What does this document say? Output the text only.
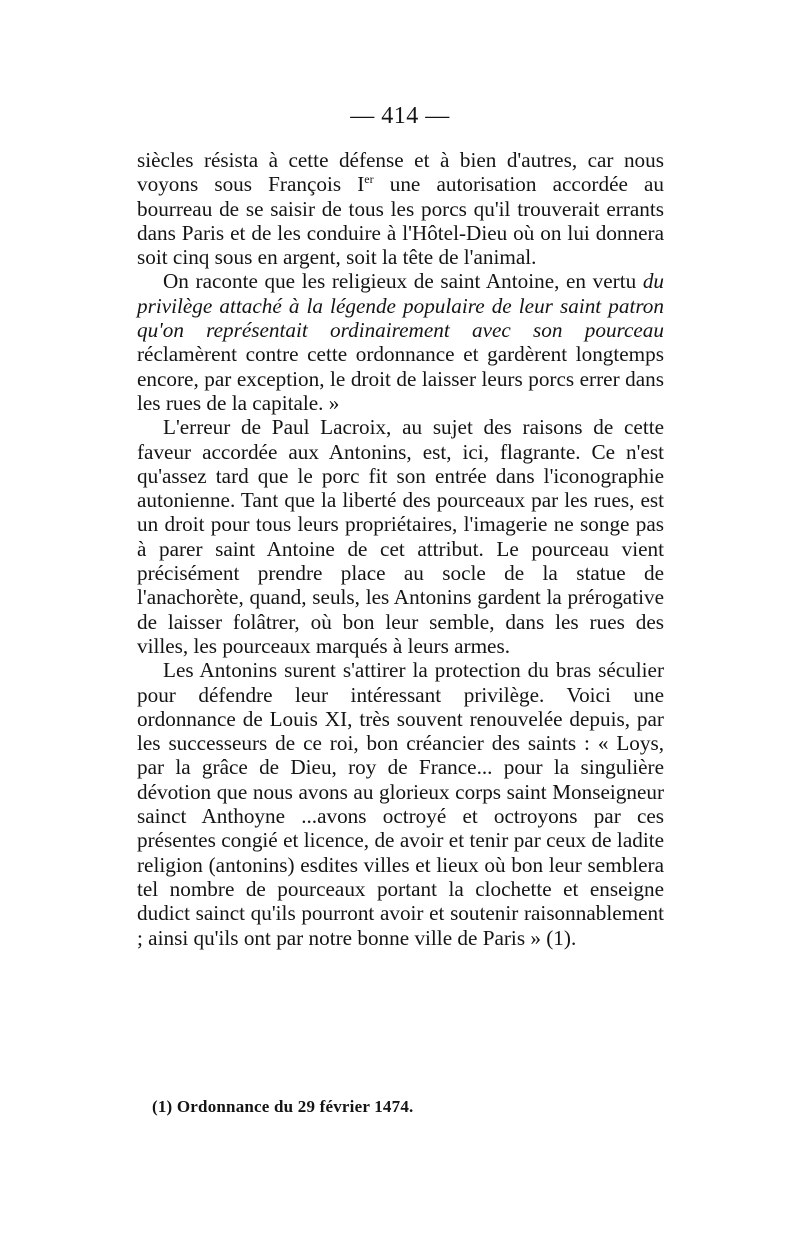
— 414 —

siècles résista à cette défense et à bien d'autres, car nous voyons sous François Ier une autorisation accordée au bourreau de se saisir de tous les porcs qu'il trouverait errants dans Paris et de les conduire à l'Hôtel-Dieu où on lui donnera soit cinq sous en argent, soit la tête de l'animal.

On raconte que les religieux de saint Antoine, en vertu du privilège attaché à la légende populaire de leur saint patron qu'on représentait ordinairement avec son pourceau réclamèrent contre cette ordonnance et gardèrent longtemps encore, par exception, le droit de laisser leurs porcs errer dans les rues de la capitale. »

L'erreur de Paul Lacroix, au sujet des raisons de cette faveur accordée aux Antonins, est, ici, flagrante. Ce n'est qu'assez tard que le porc fit son entrée dans l'iconographie autonienne. Tant que la liberté des pourceaux par les rues, est un droit pour tous leurs propriétaires, l'imagerie ne songe pas à parer saint Antoine de cet attribut. Le pourceau vient précisément prendre place au socle de la statue de l'anachorète, quand, seuls, les Antonins gardent la prérogative de laisser folâtrer, où bon leur semble, dans les rues des villes, les pourceaux marqués à leurs armes.

Les Antonins surent s'attirer la protection du bras séculier pour défendre leur intéressant privilège. Voici une ordonnance de Louis XI, très souvent renouvelée depuis, par les successeurs de ce roi, bon créancier des saints : « Loys, par la grâce de Dieu, roy de France... pour la singulière dévotion que nous avons au glorieux corps saint Monseigneur sainct Anthoyne ...avons octroyé et octroyons par ces présentes congié et licence, de avoir et tenir par ceux de ladite religion (antonins) esdites villes et lieux où bon leur semblera tel nombre de pourceaux portant la clochette et enseigne dudict sainct qu'ils pourront avoir et soutenir raisonnablement ; ainsi qu'ils ont par notre bonne ville de Paris » (1).

(1) Ordonnance du 29 février 1474.
